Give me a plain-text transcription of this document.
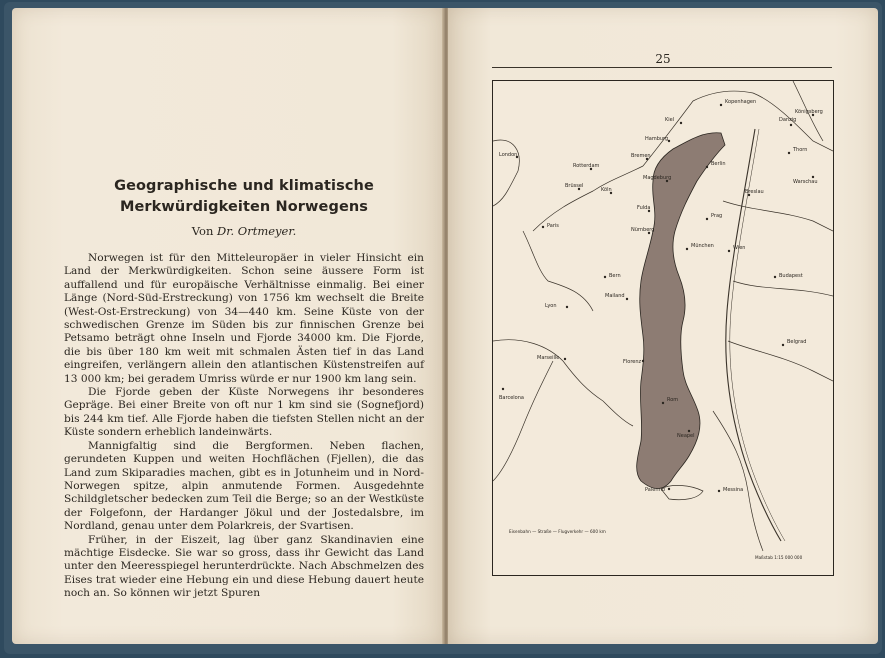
Geographische und klimatische Merkwürdigkeiten Norwegens
Von Dr. Ortmeyer.

Norwegen ist für den Mitteleuropäer in vieler Hinsicht ein Land der Merkwürdigkeiten. Schon seine äussere Form ist auffallend und für europäische Verhältnisse einmalig. Bei einer Länge (Nord-Süd-Erstreckung) von 1756 km wechselt die Breite (West-Ost-Erstreckung) von 34—440 km. Seine Küste von der schwedischen Grenze im Süden bis zur finnischen Grenze bei Petsamo beträgt ohne Inseln und Fjorde 34000 km. Die Fjorde, die bis über 180 km weit mit schmalen Ästen tief in das Land eingreifen, verlängern allein den atlantischen Küstenstreifen auf 13 000 km; bei geradem Umriss würde er nur 1900 km lang sein.

Die Fjorde geben der Küste Norwegens ihr besonderes Gepräge. Bei einer Breite von oft nur 1 km sind sie (Sognefjord) bis 244 km tief. Alle Fjorde haben die tiefsten Stellen nicht an der Küste sondern erheblich landeinwärts.

Mannigfaltig sind die Bergformen. Neben flachen, gerundeten Kuppen und weiten Hochflächen (Fjellen), die das Land zum Skiparadies machen, gibt es in Jotunheim und in Nord-Norwegen spitze, alpin anmutende Formen. Ausgedehnte Schildgletscher bedecken zum Teil die Berge; so an der Westküste der Folgefonn, der Hardanger Jökul und der Jostedalsbre, im Nordland, genau unter dem Polarkreis, der Svartisen.

Früher, in der Eiszeit, lag über ganz Skandinavien eine mächtige Eisdecke. Sie war so gross, dass ihr Gewicht das Land unter den Meeresspiegel herunterdrückte. Nach Abschmelzen des Eises trat wieder eine Hebung ein und diese Hebung dauert heute noch an. So können wir jetzt Spuren

25
London
Kiel
Hamburg
Kopenhagen
Danzig
Königsberg
Rotterdam
Bremen
Berlin
Thorn
Warschau
Brüssel
Köln
Magdeburg
Breslau
Paris
Fulda
Prag
Nürnberg
München	Wien
Bern	Budapest
Lyon
Mailand
Belgrad
Marseille
Florenz
Rom
Barcelona
Neapel
Palermo	Messina
Eisenbahn — Straße — Flugverkehr — 600 km
Maßstab 1:15 000 000
